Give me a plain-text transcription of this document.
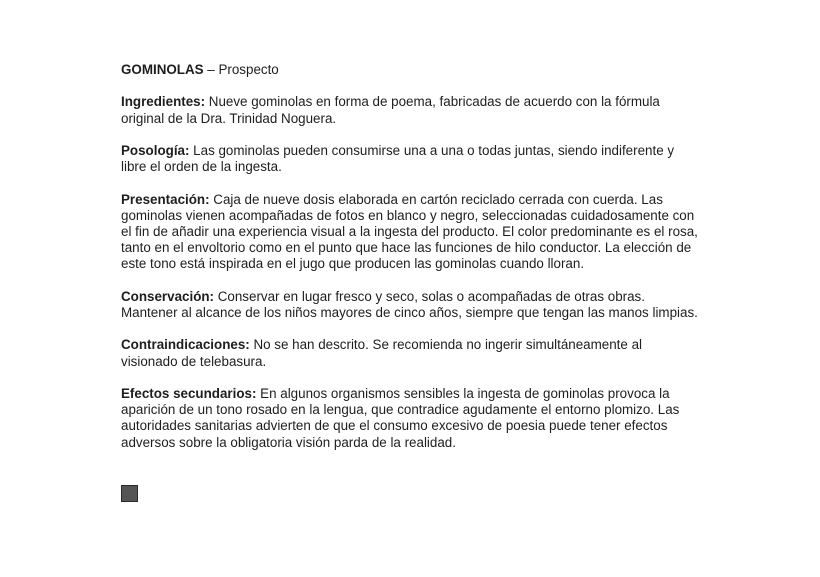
GOMINOLAS – Prospecto

Ingredientes: Nueve gominolas en forma de poema, fabricadas de acuerdo con la fórmula original de la Dra. Trinidad Noguera.

Posología: Las gominolas pueden consumirse una a una o todas juntas, siendo indiferente y libre el orden de la ingesta.

Presentación: Caja de nueve dosis elaborada en cartón reciclado cerrada con cuerda. Las gominolas vienen acompañadas de fotos en blanco y negro, seleccionadas cuidadosamente con el fin de añadir una experiencia visual a la ingesta del producto. El color predominante es el rosa, tanto en el envoltorio como en el punto que hace las funciones de hilo conductor. La elección de este tono está inspirada en el jugo que producen las gominolas cuando lloran.

Conservación: Conservar en lugar fresco y seco, solas o acompañadas de otras obras. Mantener al alcance de los niños mayores de cinco años, siempre que tengan las manos limpias.

Contraindicaciones: No se han descrito. Se recomienda no ingerir simultáneamente al visionado de telebasura.

Efectos secundarios: En algunos organismos sensibles la ingesta de gominolas provoca la aparición de un tono rosado en la lengua, que contradice agudamente el entorno plomizo. Las autoridades sanitarias advierten de que el consumo excesivo de poesia puede tener efectos adversos sobre la obligatoria visión parda de la realidad.
